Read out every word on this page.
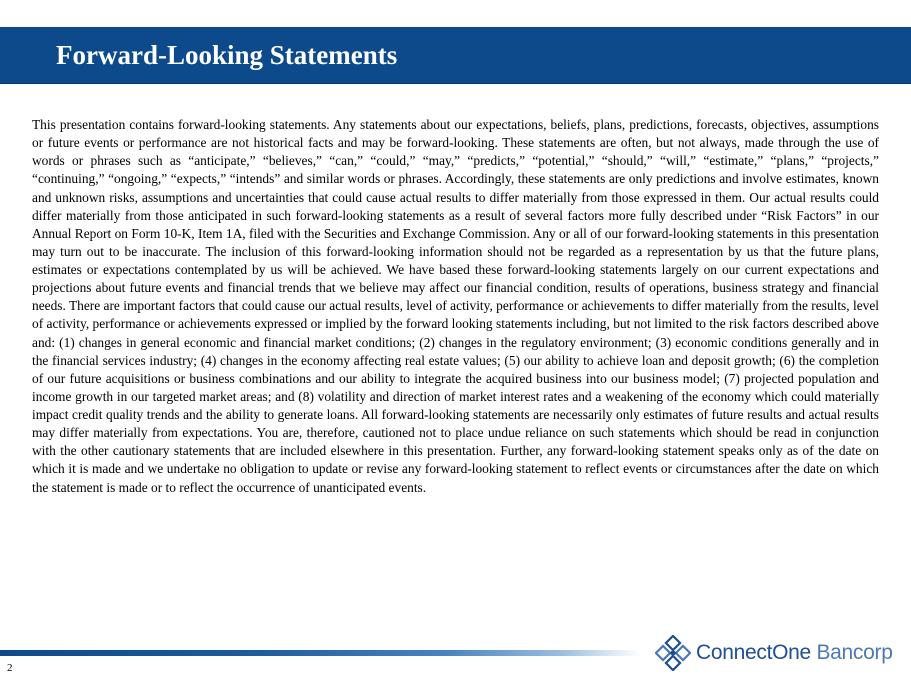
Forward-Looking Statements

This presentation contains forward-looking statements. Any statements about our expectations, beliefs, plans, predictions, forecasts, objectives, assumptions or future events or performance are not historical facts and may be forward-looking. These statements are often, but not always, made through the use of words or phrases such as “anticipate,” “believes,” “can,” “could,” “may,” “predicts,” “potential,” “should,” “will,” “estimate,” “plans,” “projects,” “continuing,” “ongoing,” “expects,” “intends” and similar words or phrases. Accordingly, these statements are only predictions and involve estimates, known and unknown risks, assumptions and uncertainties that could cause actual results to differ materially from those expressed in them. Our actual results could differ materially from those anticipated in such forward-looking statements as a result of several factors more fully described under “Risk Factors” in our Annual Report on Form 10-K, Item 1A, filed with the Securities and Exchange Commission. Any or all of our forward-looking statements in this presentation may turn out to be inaccurate. The inclusion of this forward-looking information should not be regarded as a representation by us that the future plans, estimates or expectations contemplated by us will be achieved. We have based these forward-looking statements largely on our current expectations and projections about future events and financial trends that we believe may affect our financial condition, results of operations, business strategy and financial needs. There are important factors that could cause our actual results, level of activity, performance or achievements to differ materially from the results, level of activity, performance or achievements expressed or implied by the forward looking statements including, but not limited to the risk factors described above and: (1) changes in general economic and financial market conditions; (2) changes in the regulatory environment; (3) economic conditions generally and in the financial services industry; (4) changes in the economy affecting real estate values; (5) our ability to achieve loan and deposit growth; (6) the completion of our future acquisitions or business combinations and our ability to integrate the acquired business into our business model; (7) projected population and income growth in our targeted market areas; and (8) volatility and direction of market interest rates and a weakening of the economy which could materially impact credit quality trends and the ability to generate loans. All forward-looking statements are necessarily only estimates of future results and actual results may differ materially from expectations. You are, therefore, cautioned not to place undue reliance on such statements which should be read in conjunction with the other cautionary statements that are included elsewhere in this presentation. Further, any forward-looking statement speaks only as of the date on which it is made and we undertake no obligation to update or revise any forward-looking statement to reflect events or circumstances after the date on which the statement is made or to reflect the occurrence of unanticipated events.

2
ConnectOne Bancorp
